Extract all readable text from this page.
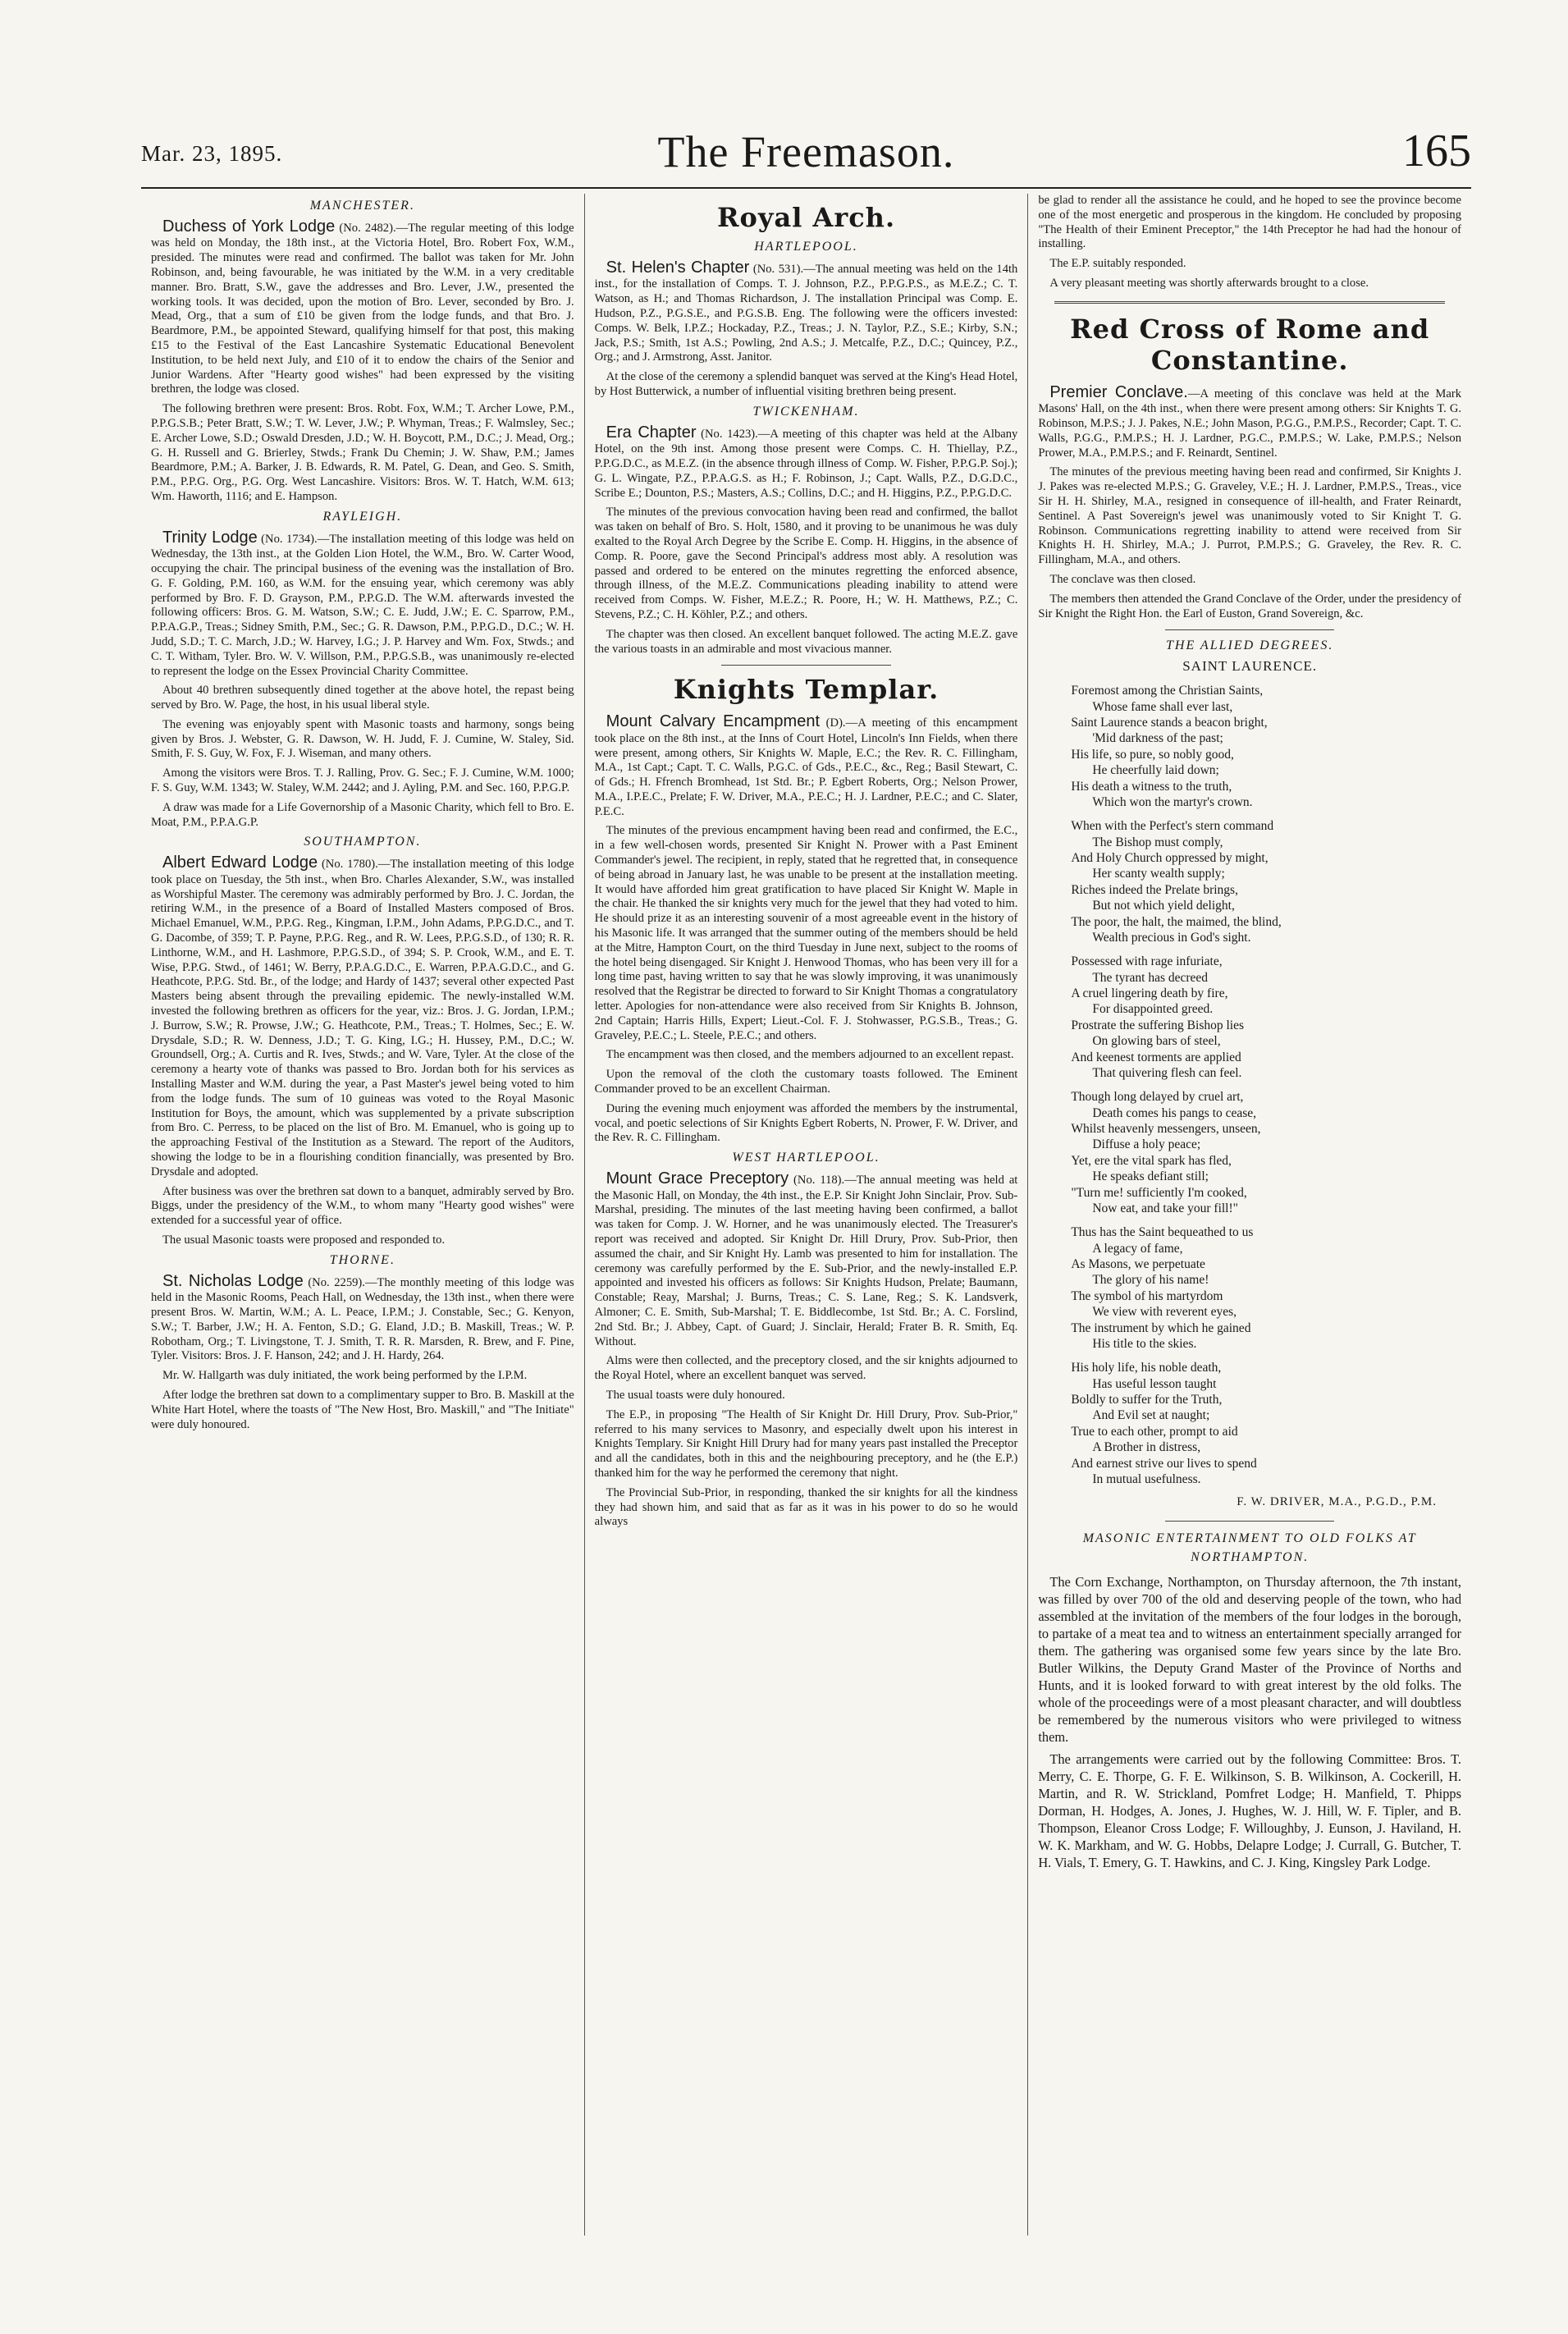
Mar. 23, 1895.	The Freemason.	165
MANCHESTER.

Duchess of York Lodge (No. 2482).—The regular meeting of this lodge was held on Monday, the 18th inst., at the Victoria Hotel, Bro. Robert Fox, W.M., presided. The minutes were read and confirmed. The ballot was taken for Mr. John Robinson, and, being favourable, he was initiated by the W.M. in a very creditable manner. Bro. Bratt, S.W., gave the addresses and Bro. Lever, J.W., presented the working tools. It was decided, upon the motion of Bro. Lever, seconded by Bro. J. Mead, Org., that a sum of £10 be given from the lodge funds, and that Bro. J. Beardmore, P.M., be appointed Steward, qualifying himself for that post, this making £15 to the Festival of the East Lancashire Systematic Educational Benevolent Institution, to be held next July, and £10 of it to endow the chairs of the Senior and Junior Wardens. After "Hearty good wishes" had been expressed by the visiting brethren, the lodge was closed.

The following brethren were present: Bros. Robt. Fox, W.M.; T. Archer Lowe, P.M., P.P.G.S.B.; Peter Bratt, S.W.; T. W. Lever, J.W.; P. Whyman, Treas.; F. Walmsley, Sec.; E. Archer Lowe, S.D.; Oswald Dresden, J.D.; W. H. Boycott, P.M., D.C.; J. Mead, Org.; G. H. Russell and G. Brierley, Stwds.; Frank Du Chemin; J. W. Shaw, P.M.; James Beardmore, P.M.; A. Barker, J. B. Edwards, R. M. Patel, G. Dean, and Geo. S. Smith, P.M., P.P.G. Org., P.G. Org. West Lancashire. Visitors: Bros. W. T. Hatch, W.M. 613; Wm. Haworth, 1116; and E. Hampson.

RAYLEIGH.

Trinity Lodge (No. 1734).—The installation meeting of this lodge was held on Wednesday, the 13th inst., at the Golden Lion Hotel, the W.M., Bro. W. Carter Wood, occupying the chair. The principal business of the evening was the installation of Bro. G. F. Golding, P.M. 160, as W.M. for the ensuing year, which ceremony was ably performed by Bro. F. D. Grayson, P.M., P.P.G.D. The W.M. afterwards invested the following officers: Bros. G. M. Watson, S.W.; C. E. Judd, J.W.; E. C. Sparrow, P.M., P.P.A.G.P., Treas.; Sidney Smith, P.M., Sec.; G. R. Dawson, P.M., P.P.G.D., D.C.; W. H. Judd, S.D.; T. C. March, J.D.; W. Harvey, I.G.; J. P. Harvey and Wm. Fox, Stwds.; and C. T. Witham, Tyler. Bro. W. V. Willson, P.M., P.P.G.S.B., was unanimously re-elected to represent the lodge on the Essex Provincial Charity Committee.

About 40 brethren subsequently dined together at the above hotel, the repast being served by Bro. W. Page, the host, in his usual liberal style.

The evening was enjoyably spent with Masonic toasts and harmony, songs being given by Bros. J. Webster, G. R. Dawson, W. H. Judd, F. J. Cumine, W. Staley, Sid. Smith, F. S. Guy, W. Fox, F. J. Wiseman, and many others.

Among the visitors were Bros. T. J. Ralling, Prov. G. Sec.; F. J. Cumine, W.M. 1000; F. S. Guy, W.M. 1343; W. Staley, W.M. 2442; and J. Ayling, P.M. and Sec. 160, P.P.G.P.

A draw was made for a Life Governorship of a Masonic Charity, which fell to Bro. E. Moat, P.M., P.P.A.G.P.

SOUTHAMPTON.

Albert Edward Lodge (No. 1780).—The installation meeting of this lodge took place on Tuesday, the 5th inst., when Bro. Charles Alexander, S.W., was installed as Worshipful Master. The ceremony was admirably performed by Bro. J. C. Jordan, the retiring W.M., in the presence of a Board of Installed Masters composed of Bros. Michael Emanuel, W.M., P.P.G. Reg., Kingman, I.P.M., John Adams, P.P.G.D.C., and T. G. Dacombe, of 359; T. P. Payne, P.P.G. Reg., and R. W. Lees, P.P.G.S.D., of 130; R. R. Linthorne, W.M., and H. Lashmore, P.P.G.S.D., of 394; S. P. Crook, W.M., and E. T. Wise, P.P.G. Stwd., of 1461; W. Berry, P.P.A.G.D.C., E. Warren, P.P.A.G.D.C., and G. Heathcote, P.P.G. Std. Br., of the lodge; and Hardy of 1437; several other expected Past Masters being absent through the prevailing epidemic. The newly-installed W.M. invested the following brethren as officers for the year, viz.: Bros. J. G. Jordan, I.P.M.; J. Burrow, S.W.; R. Prowse, J.W.; G. Heathcote, P.M., Treas.; T. Holmes, Sec.; E. W. Drysdale, S.D.; R. W. Denness, J.D.; T. G. King, I.G.; H. Hussey, P.M., D.C.; W. Groundsell, Org.; A. Curtis and R. Ives, Stwds.; and W. Vare, Tyler. At the close of the ceremony a hearty vote of thanks was passed to Bro. Jordan both for his services as Installing Master and W.M. during the year, a Past Master's jewel being voted to him from the lodge funds. The sum of 10 guineas was voted to the Royal Masonic Institution for Boys, the amount, which was supplemented by a private subscription from Bro. C. Perress, to be placed on the list of Bro. M. Emanuel, who is going up to the approaching Festival of the Institution as a Steward. The report of the Auditors, showing the lodge to be in a flourishing condition financially, was presented by Bro. Drysdale and adopted.

After business was over the brethren sat down to a banquet, admirably served by Bro. Biggs, under the presidency of the W.M., to whom many "Hearty good wishes" were extended for a successful year of office.

The usual Masonic toasts were proposed and responded to.

THORNE.

St. Nicholas Lodge (No. 2259).—The monthly meeting of this lodge was held in the Masonic Rooms, Peach Hall, on Wednesday, the 13th inst., when there were present Bros. W. Martin, W.M.; A. L. Peace, I.P.M.; J. Constable, Sec.; G. Kenyon, S.W.; T. Barber, J.W.; H. A. Fenton, S.D.; G. Eland, J.D.; B. Maskill, Treas.; W. P. Robotham, Org.; T. Livingstone, T. J. Smith, T. R. R. Marsden, R. Brew, and F. Pine, Tyler. Visitors: Bros. J. F. Hanson, 242; and J. H. Hardy, 264.

Mr. W. Hallgarth was duly initiated, the work being performed by the I.P.M.

After lodge the brethren sat down to a complimentary supper to Bro. B. Maskill at the White Hart Hotel, where the toasts of "The New Host, Bro. Maskill," and "The Initiate" were duly honoured.

Royal Arch.
HARTLEPOOL.

St. Helen's Chapter (No. 531).—The annual meeting was held on the 14th inst., for the installation of Comps. T. J. Johnson, P.Z., P.P.G.P.S., as M.E.Z.; C. T. Watson, as H.; and Thomas Richardson, J. The installation Principal was Comp. E. Hudson, P.Z., P.G.S.E., and P.G.S.B. Eng. The following were the officers invested: Comps. W. Belk, I.P.Z.; Hockaday, P.Z., Treas.; J. N. Taylor, P.Z., S.E.; Kirby, S.N.; Jack, P.S.; Smith, 1st A.S.; Powling, 2nd A.S.; J. Metcalfe, P.Z., D.C.; Quincey, P.Z., Org.; and J. Armstrong, Asst. Janitor.

At the close of the ceremony a splendid banquet was served at the King's Head Hotel, by Host Butterwick, a number of influential visiting brethren being present.

TWICKENHAM.

Era Chapter (No. 1423).—A meeting of this chapter was held at the Albany Hotel, on the 9th inst. Among those present were Comps. C. H. Thiellay, P.Z., P.P.G.D.C., as M.E.Z. (in the absence through illness of Comp. W. Fisher, P.P.G.P. Soj.); G. L. Wingate, P.Z., P.P.A.G.S. as H.; F. Robinson, J.; Capt. Walls, P.Z., D.G.D.C., Scribe E.; Dounton, P.S.; Masters, A.S.; Collins, D.C.; and H. Higgins, P.Z., P.P.G.D.C.

The minutes of the previous convocation having been read and confirmed, the ballot was taken on behalf of Bro. S. Holt, 1580, and it proving to be unanimous he was duly exalted to the Royal Arch Degree by the Scribe E. Comp. H. Higgins, in the absence of Comp. R. Poore, gave the Second Principal's address most ably. A resolution was passed and ordered to be entered on the minutes regretting the enforced absence, through illness, of the M.E.Z. Communications pleading inability to attend were received from Comps. W. Fisher, M.E.Z.; R. Poore, H.; W. H. Matthews, P.Z.; C. Stevens, P.Z.; C. H. Köhler, P.Z.; and others.

The chapter was then closed. An excellent banquet followed. The acting M.E.Z. gave the various toasts in an admirable and most vivacious manner.

Knights Templar.

Mount Calvary Encampment (D).—A meeting of this encampment took place on the 8th inst., at the Inns of Court Hotel, Lincoln's Inn Fields, when there were present, among others, Sir Knights W. Maple, E.C.; the Rev. R. C. Fillingham, M.A., 1st Capt.; Capt. T. C. Walls, P.G.C. of Gds., P.E.C., &c., Reg.; Basil Stewart, C. of Gds.; H. Ffrench Bromhead, 1st Std. Br.; P. Egbert Roberts, Org.; Nelson Prower, M.A., I.P.E.C., Prelate; F. W. Driver, M.A., P.E.C.; H. J. Lardner, P.E.C.; and C. Slater, P.E.C.

The minutes of the previous encampment having been read and confirmed, the E.C., in a few well-chosen words, presented Sir Knight N. Prower with a Past Eminent Commander's jewel. The recipient, in reply, stated that he regretted that, in consequence of being abroad in January last, he was unable to be present at the installation meeting. It would have afforded him great gratification to have placed Sir Knight W. Maple in the chair. He thanked the sir knights very much for the jewel that they had voted to him. He should prize it as an interesting souvenir of a most agreeable event in the history of his Masonic life. It was arranged that the summer outing of the members should be held at the Mitre, Hampton Court, on the third Tuesday in June next, subject to the rooms of the hotel being disengaged. Sir Knight J. Henwood Thomas, who has been very ill for a long time past, having written to say that he was slowly improving, it was unanimously resolved that the Registrar be directed to forward to Sir Knight Thomas a congratulatory letter. Apologies for non-attendance were also received from Sir Knights B. Johnson, 2nd Captain; Harris Hills, Expert; Lieut.-Col. F. J. Stohwasser, P.G.S.B., Treas.; G. Graveley, P.E.C.; L. Steele, P.E.C.; and others.

The encampment was then closed, and the members adjourned to an excellent repast.

Upon the removal of the cloth the customary toasts followed. The Eminent Commander proved to be an excellent Chairman.

During the evening much enjoyment was afforded the members by the instrumental, vocal, and poetic selections of Sir Knights Egbert Roberts, N. Prower, F. W. Driver, and the Rev. R. C. Fillingham.

WEST HARTLEPOOL.

Mount Grace Preceptory (No. 118).—The annual meeting was held at the Masonic Hall, on Monday, the 4th inst., the E.P. Sir Knight John Sinclair, Prov. Sub-Marshal, presiding. The minutes of the last meeting having been confirmed, a ballot was taken for Comp. J. W. Horner, and he was unanimously elected. The Treasurer's report was received and adopted. Sir Knight Dr. Hill Drury, Prov. Sub-Prior, then assumed the chair, and Sir Knight Hy. Lamb was presented to him for installation. The ceremony was carefully performed by the E. Sub-Prior, and the newly-installed E.P. appointed and invested his officers as follows: Sir Knights Hudson, Prelate; Baumann, Constable; Reay, Marshal; J. Burns, Treas.; C. S. Lane, Reg.; S. K. Landsverk, Almoner; C. E. Smith, Sub-Marshal; T. E. Biddlecombe, 1st Std. Br.; A. C. Forslind, 2nd Std. Br.; J. Abbey, Capt. of Guard; J. Sinclair, Herald; Frater B. R. Smith, Eq. Without.

Alms were then collected, and the preceptory closed, and the sir knights adjourned to the Royal Hotel, where an excellent banquet was served.

The usual toasts were duly honoured.

The E.P., in proposing "The Health of Sir Knight Dr. Hill Drury, Prov. Sub-Prior," referred to his many services to Masonry, and especially dwelt upon his interest in Knights Templary. Sir Knight Hill Drury had for many years past installed the Preceptor and all the candidates, both in this and the neighbouring preceptory, and he (the E.P.) thanked him for the way he performed the ceremony that night.

The Provincial Sub-Prior, in responding, thanked the sir knights for all the kindness they had shown him, and said that as far as it was in his power to do so he would always

be glad to render all the assistance he could, and he hoped to see the province become one of the most energetic and prosperous in the kingdom. He concluded by proposing "The Health of their Eminent Preceptor," the 14th Preceptor he had had the honour of installing.

The E.P. suitably responded.

A very pleasant meeting was shortly afterwards brought to a close.

Red Cross of Rome and Constantine.

Premier Conclave.—A meeting of this conclave was held at the Mark Masons' Hall, on the 4th inst., when there were present among others: Sir Knights T. G. Robinson, M.P.S.; J. J. Pakes, N.E.; John Mason, P.G.G., P.M.P.S., Recorder; Capt. T. C. Walls, P.G.G., P.M.P.S.; H. J. Lardner, P.G.C., P.M.P.S.; W. Lake, P.M.P.S.; Nelson Prower, M.A., P.M.P.S.; and F. Reinardt, Sentinel.

The minutes of the previous meeting having been read and confirmed, Sir Knights J. J. Pakes was re-elected M.P.S.; G. Graveley, V.E.; H. J. Lardner, P.M.P.S., Treas., vice Sir H. H. Shirley, M.A., resigned in consequence of ill-health, and Frater Reinardt, Sentinel. A Past Sovereign's jewel was unanimously voted to Sir Knight T. G. Robinson. Communications regretting inability to attend were received from Sir Knights H. H. Shirley, M.A.; J. Purrot, P.M.P.S.; G. Graveley, the Rev. R. C. Fillingham, M.A., and others.

The conclave was then closed.

The members then attended the Grand Conclave of the Order, under the presidency of Sir Knight the Right Hon. the Earl of Euston, Grand Sovereign, &c.

THE ALLIED DEGREES.
SAINT LAURENCE.
Foremost among the Christian Saints,
Whose fame shall ever last,
Saint Laurence stands a beacon bright,
'Mid darkness of the past;
His life, so pure, so nobly good,
He cheerfully laid down;
His death a witness to the truth,
Which won the martyr's crown.
When with the Perfect's stern command
The Bishop must comply,
And Holy Church oppressed by might,
Her scanty wealth supply;
Riches indeed the Prelate brings,
But not which yield delight,
The poor, the halt, the maimed, the blind,
Wealth precious in God's sight.
Possessed with rage infuriate,
The tyrant has decreed
A cruel lingering death by fire,
For disappointed greed.
Prostrate the suffering Bishop lies
On glowing bars of steel,
And keenest torments are applied
That quivering flesh can feel.
Though long delayed by cruel art,
Death comes his pangs to cease,
Whilst heavenly messengers, unseen,
Diffuse a holy peace;
Yet, ere the vital spark has fled,
He speaks defiant still;
"Turn me! sufficiently I'm cooked,
Now eat, and take your fill!"
Thus has the Saint bequeathed to us
A legacy of fame,
As Masons, we perpetuate
The glory of his name!
The symbol of his martyrdom
We view with reverent eyes,
The instrument by which he gained
His title to the skies.
His holy life, his noble death,
Has useful lesson taught
Boldly to suffer for the Truth,
And Evil set at naught;
True to each other, prompt to aid
A Brother in distress,
And earnest strive our lives to spend
In mutual usefulness.
F. W. DRIVER, M.A., P.G.D., P.M.
MASONIC ENTERTAINMENT TO OLD FOLKS AT
NORTHAMPTON.

The Corn Exchange, Northampton, on Thursday afternoon, the 7th instant, was filled by over 700 of the old and deserving people of the town, who had assembled at the invitation of the members of the four lodges in the borough, to partake of a meat tea and to witness an entertainment specially arranged for them. The gathering was organised some few years since by the late Bro. Butler Wilkins, the Deputy Grand Master of the Province of Norths and Hunts, and it is looked forward to with great interest by the old folks. The whole of the proceedings were of a most pleasant character, and will doubtless be remembered by the numerous visitors who were privileged to witness them.

The arrangements were carried out by the following Committee: Bros. T. Merry, C. E. Thorpe, G. F. E. Wilkinson, S. B. Wilkinson, A. Cockerill, H. Martin, and R. W. Strickland, Pomfret Lodge; H. Manfield, T. Phipps Dorman, H. Hodges, A. Jones, J. Hughes, W. J. Hill, W. F. Tipler, and B. Thompson, Eleanor Cross Lodge; F. Willoughby, J. Eunson, J. Haviland, H. W. K. Markham, and W. G. Hobbs, Delapre Lodge; J. Currall, G. Butcher, T. H. Vials, T. Emery, G. T. Hawkins, and C. J. King, Kingsley Park Lodge.
